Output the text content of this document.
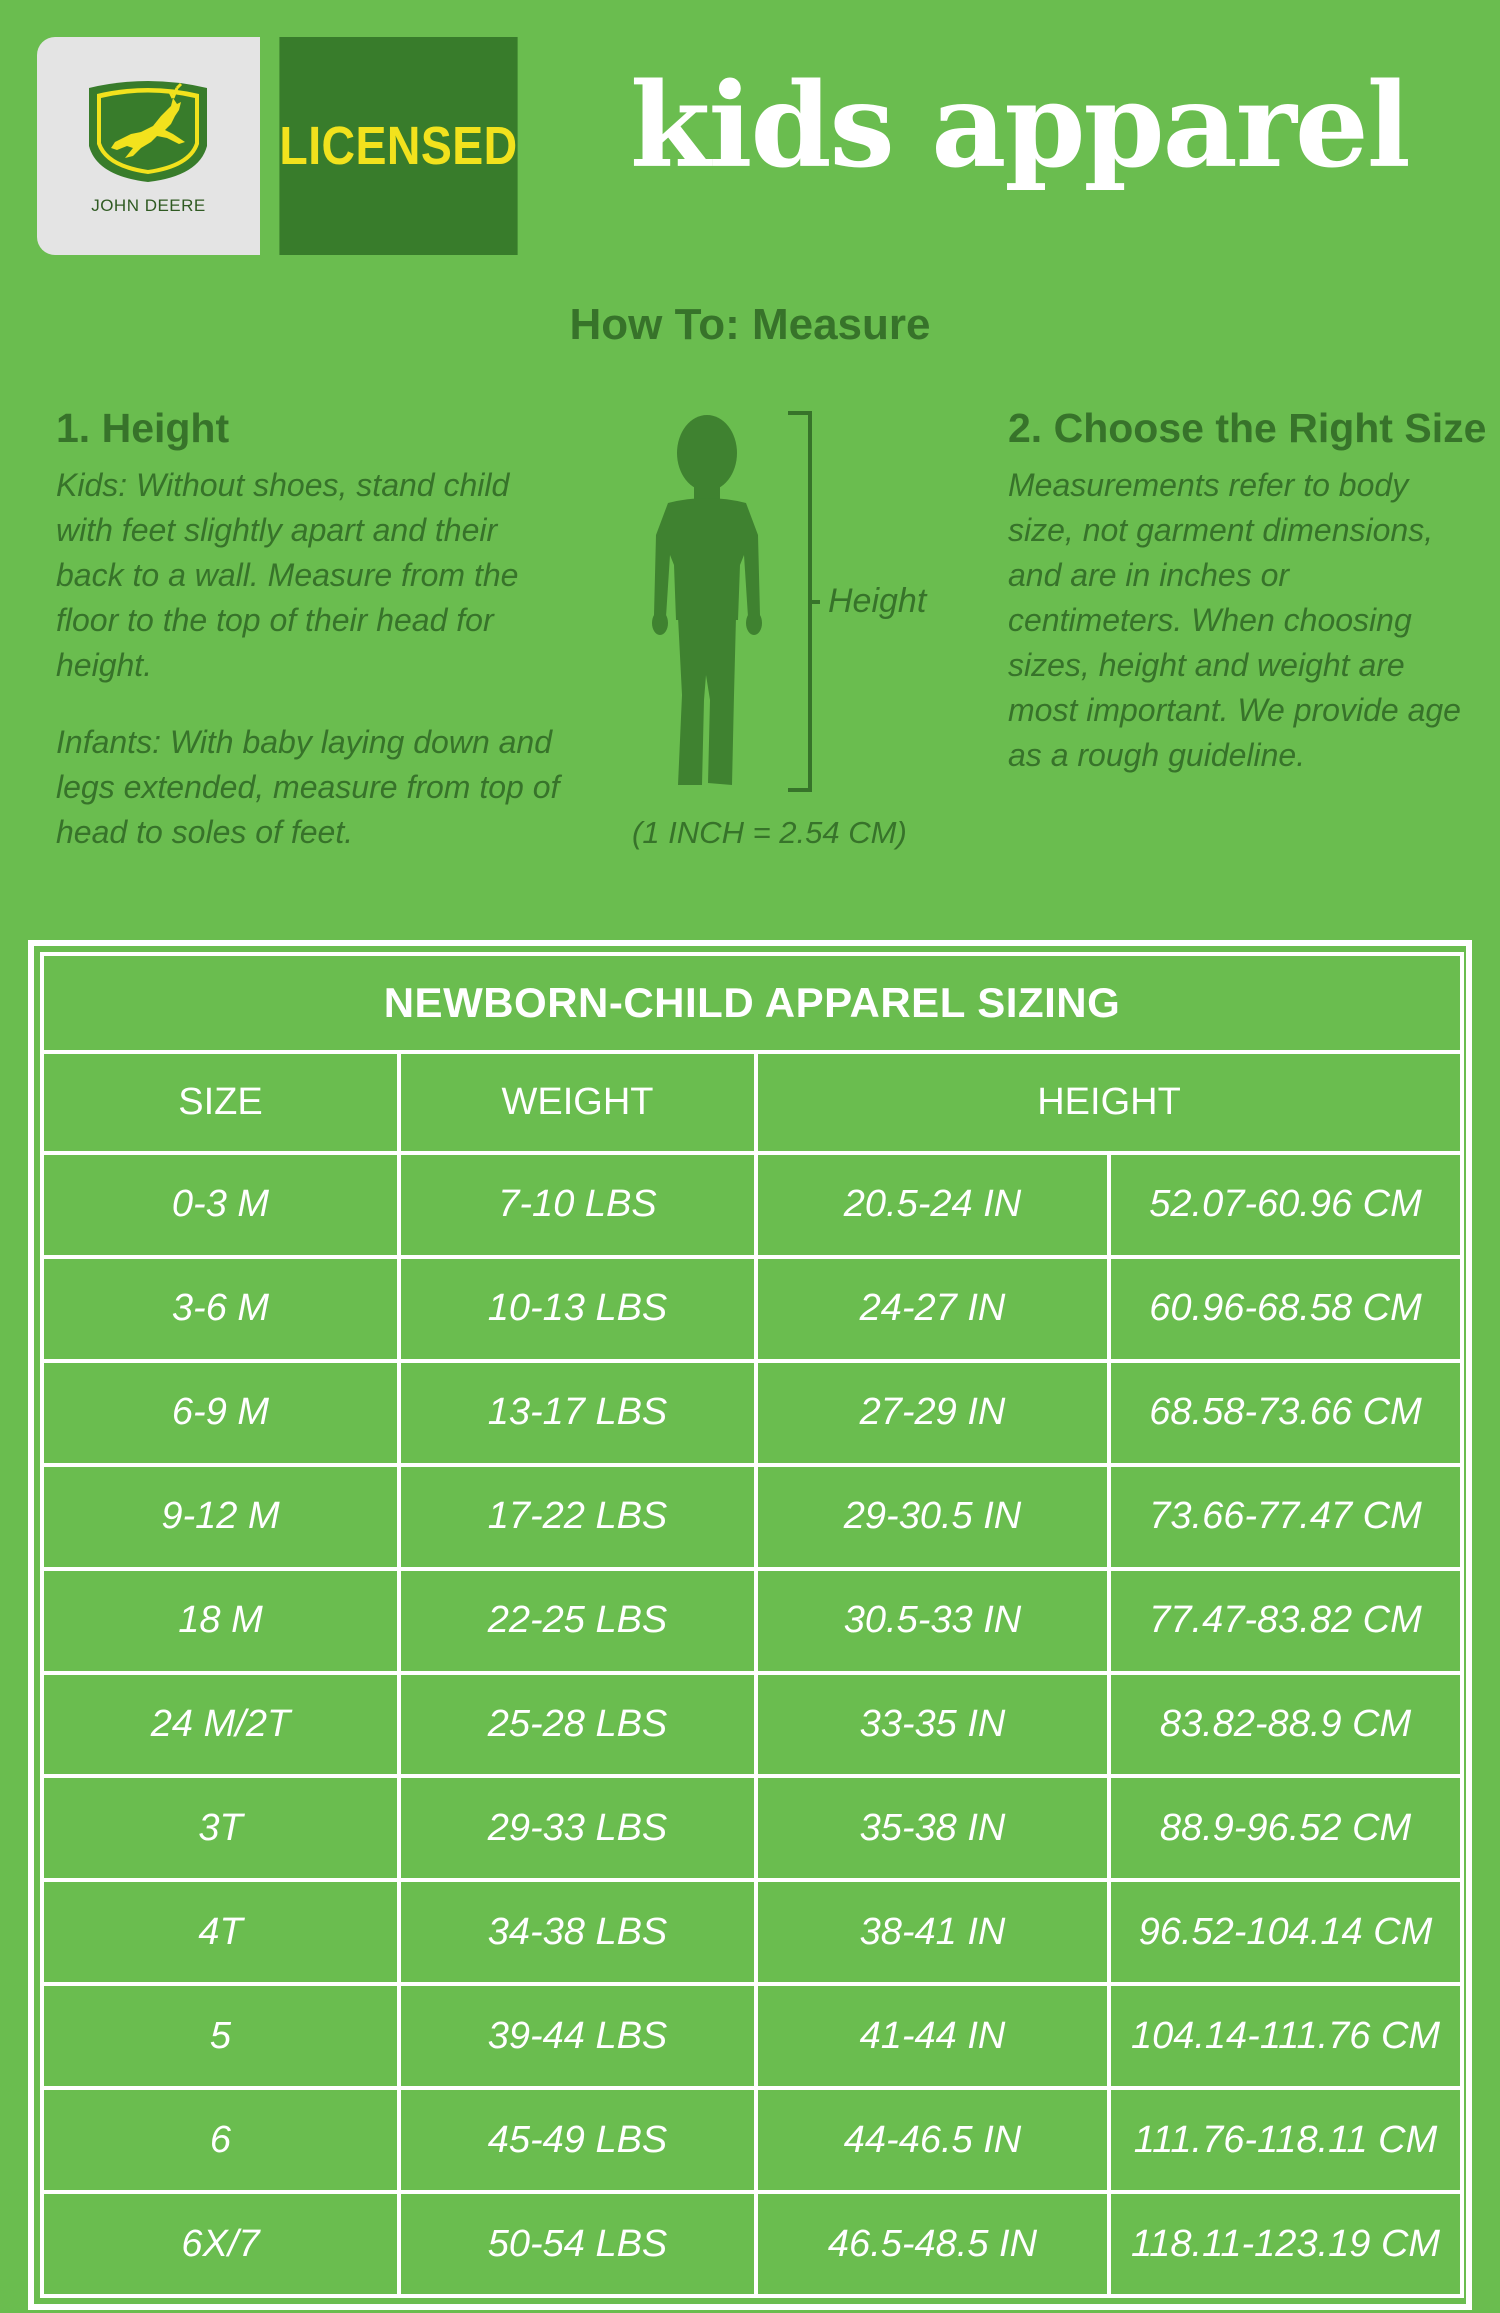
JOHN DEERE
LICENSED kids apparel
How To: Measure
1. Height
Kids: Without shoes, stand child with feet slightly apart and their back to a wall. Measure from the floor to the top of their head for height.
Infants: With baby laying down and legs extended, measure from top of head to soles of feet.
Height
(1 INCH = 2.54 CM)
2. Choose the Right Size
Measurements refer to body size, not garment dimensions, and are in inches or centimeters. When choosing sizes, height and weight are most important. We provide age as a rough guideline.
NEWBORN-CHILD APPAREL SIZING			
SIZE	WEIGHT	HEIGHT	
0-3 M	7-10 LBS	20.5-24 IN	52.07-60.96 CM
3-6 M	10-13 LBS	24-27 IN	60.96-68.58 CM
6-9 M	13-17 LBS	27-29 IN	68.58-73.66 CM
9-12 M	17-22 LBS	29-30.5 IN	73.66-77.47 CM
18 M	22-25 LBS	30.5-33 IN	77.47-83.82 CM
24 M/2T	25-28 LBS	33-35 IN	83.82-88.9 CM
3T	29-33 LBS	35-38 IN	88.9-96.52 CM
4T	34-38 LBS	38-41 IN	96.52-104.14 CM
5	39-44 LBS	41-44 IN	104.14-111.76 CM
6	45-49 LBS	44-46.5 IN	111.76-118.11 CM
6X/7	50-54 LBS	46.5-48.5 IN	118.11-123.19 CM
